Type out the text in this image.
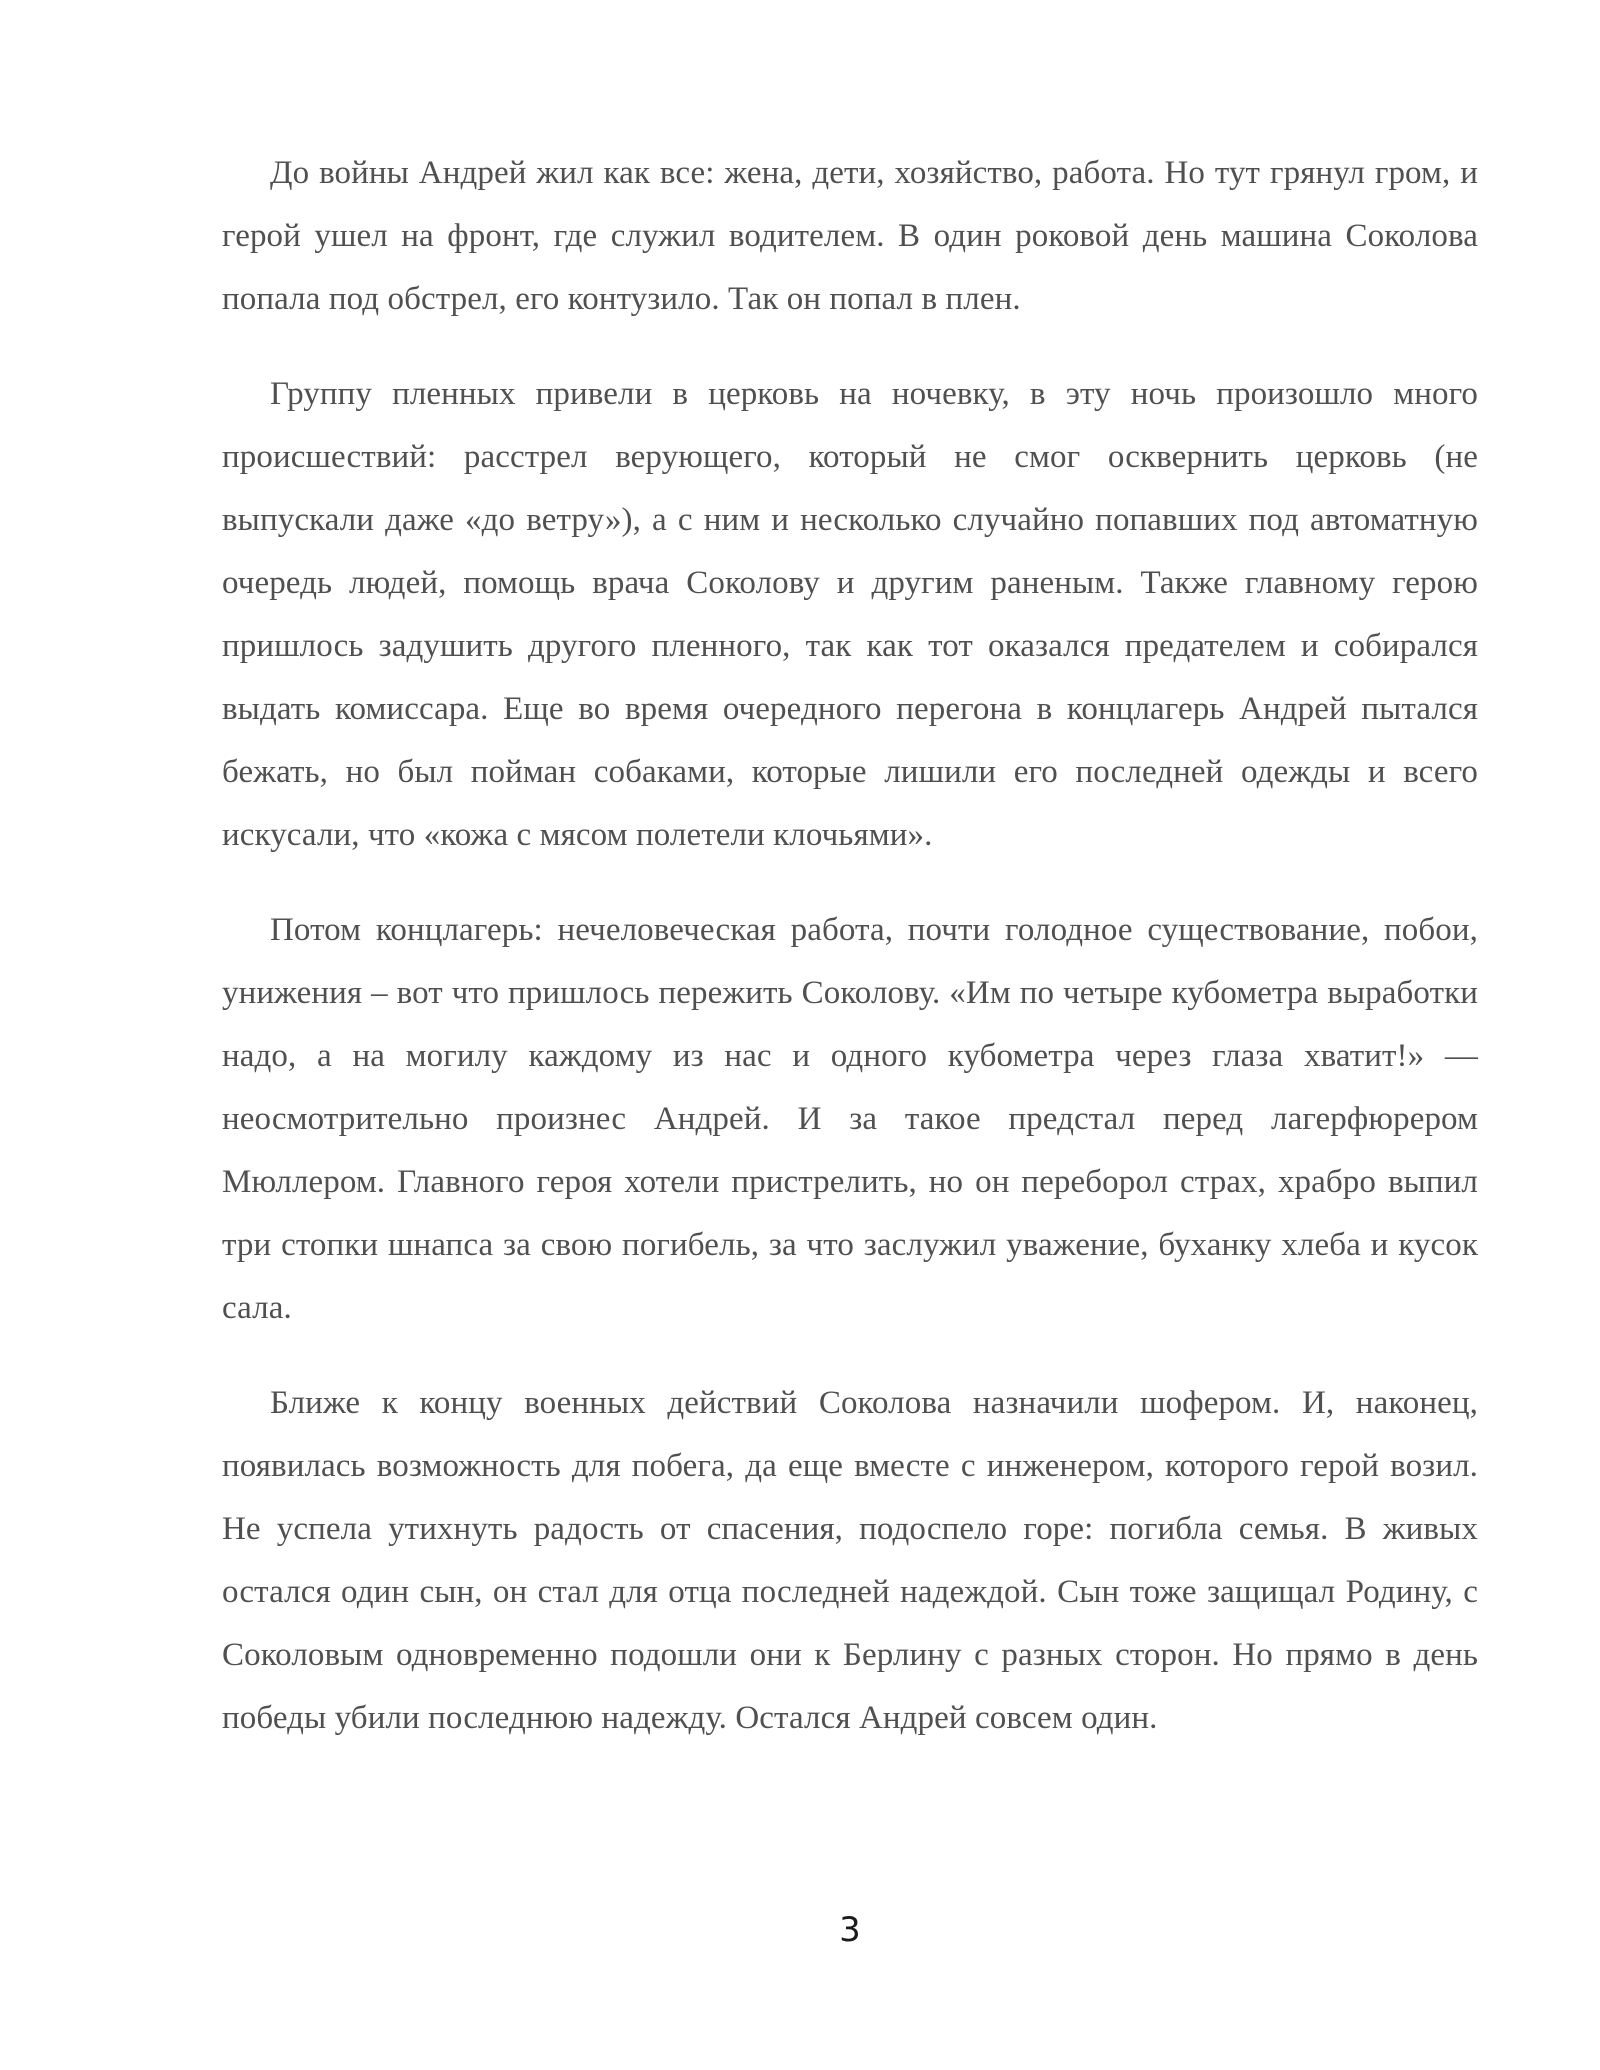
До войны Андрей жил как все: жена, дети, хозяйство, работа. Но тут грянул гром, и герой ушел на фронт, где служил водителем. В один роковой день машина Соколова попала под обстрел, его контузило. Так он попал в плен.

Группу пленных привели в церковь на ночевку, в эту ночь произошло много происшествий: расстрел верующего, который не смог осквернить церковь (не выпускали даже «до ветру»), а с ним и несколько случайно попавших под автоматную очередь людей, помощь врача Соколову и другим раненым. Также главному герою пришлось задушить другого пленного, так как тот оказался предателем и собирался выдать комиссара. Еще во время очередного перегона в концлагерь Андрей пытался бежать, но был пойман собаками, которые лишили его последней одежды и всего искусали, что «кожа с мясом полетели клочьями».

Потом концлагерь: нечеловеческая работа, почти голодное существование, побои, унижения – вот что пришлось пережить Соколову. «Им по четыре кубометра выработки надо, а на могилу каждому из нас и одного кубометра через глаза хватит!» — неосмотрительно произнес Андрей. И за такое предстал перед лагерфюрером Мюллером. Главного героя хотели пристрелить, но он переборол страх, храбро выпил три стопки шнапса за свою погибель, за что заслужил уважение, буханку хлеба и кусок сала.

Ближе к концу военных действий Соколова назначили шофером. И, наконец, появилась возможность для побега, да еще вместе с инженером, которого герой возил. Не успела утихнуть радость от спасения, подоспело горе: погибла семья. В живых остался один сын, он стал для отца последней надеждой. Сын тоже защищал Родину, с Соколовым одновременно подошли они к Берлину с разных сторон. Но прямо в день победы убили последнюю надежду. Остался Андрей совсем один.

3
